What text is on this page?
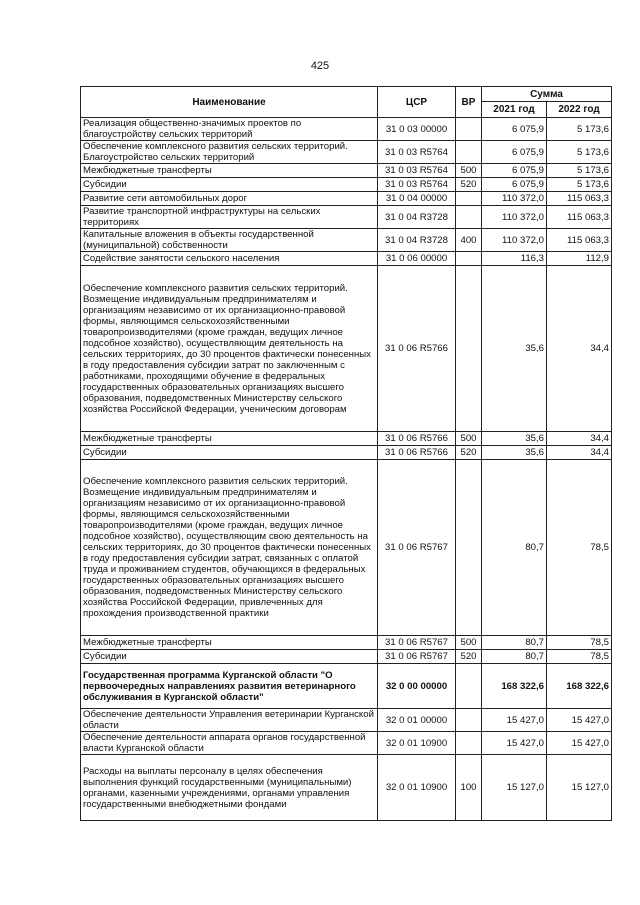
425
Наименование	ЦСР	ВР	Сумма	
			2021 год	2022 год
Реализация общественно-значимых проектов по благоустройству сельских территорий	31 0 03 00000		6 075,9	5 173,6
Обеспечение комплексного развития сельских территорий. Благоустройство сельских территорий	31 0 03 R5764		6 075,9	5 173,6
Межбюджетные трансферты	31 0 03 R5764	500	6 075,9	5 173,6
Субсидии	31 0 03 R5764	520	6 075,9	5 173,6
Развитие сети автомобильных дорог	31 0 04 00000		110 372,0	115 063,3
Развитие транспортной инфраструктуры на сельских территориях	31 0 04 R3728		110 372,0	115 063,3
Капитальные вложения в объекты государственной (муниципальной) собственности	31 0 04 R3728	400	110 372,0	115 063,3
Содействие занятости сельского населения	31 0 06 00000		116,3	112,9
Обеспечение комплексного развития сельских территорий. Возмещение индивидуальным предпринимателям и организациям независимо от их организационно-правовой формы, являющимся сельскохозяйственными товаропроизводителями (кроме граждан, ведущих личное подсобное хозяйство), осуществляющим деятельность на сельских территориях, до 30 процентов фактически понесенных в году предоставления субсидии затрат по заключенным с работниками, проходящими обучение в федеральных государственных образовательных организациях высшего образования, подведомственных Министерству сельского хозяйства Российской Федерации, ученическим договорам	31 0 06 R5766		35,6	34,4
Межбюджетные трансферты	31 0 06 R5766	500	35,6	34,4
Субсидии	31 0 06 R5766	520	35,6	34,4
Обеспечение комплексного развития сельских территорий. Возмещение индивидуальным предпринимателям и организациям независимо от их организационно-правовой формы, являющимся сельскохозяйственными товаропроизводителями (кроме граждан, ведущих личное подсобное хозяйство), осуществляющим свою деятельность на сельских территориях, до 30 процентов фактически понесенных в году предоставления субсидии затрат, связанных с оплатой труда и проживанием студентов, обучающихся в федеральных государственных образовательных организациях высшего образования, подведомственных Министерству сельского хозяйства Российской Федерации, привлеченных для прохождения производственной практики	31 0 06 R5767		80,7	78,5
Межбюджетные трансферты	31 0 06 R5767	500	80,7	78,5
Субсидии	31 0 06 R5767	520	80,7	78,5
Государственная программа Курганской области "О первоочередных направлениях развития ветеринарного обслуживания в Курганской области"	32 0 00 00000		168 322,6	168 322,6
Обеспечение деятельности Управления ветеринарии Курганской области	32 0 01 00000		15 427,0	15 427,0
Обеспечение деятельности аппарата органов государственной власти Курганской области	32 0 01 10900		15 427,0	15 427,0
Расходы на выплаты персоналу в целях обеспечения выполнения функций государственными (муниципальными) органами, казенными учреждениями, органами управления государственными внебюджетными фондами	32 0 01 10900	100	15 127,0	15 127,0
